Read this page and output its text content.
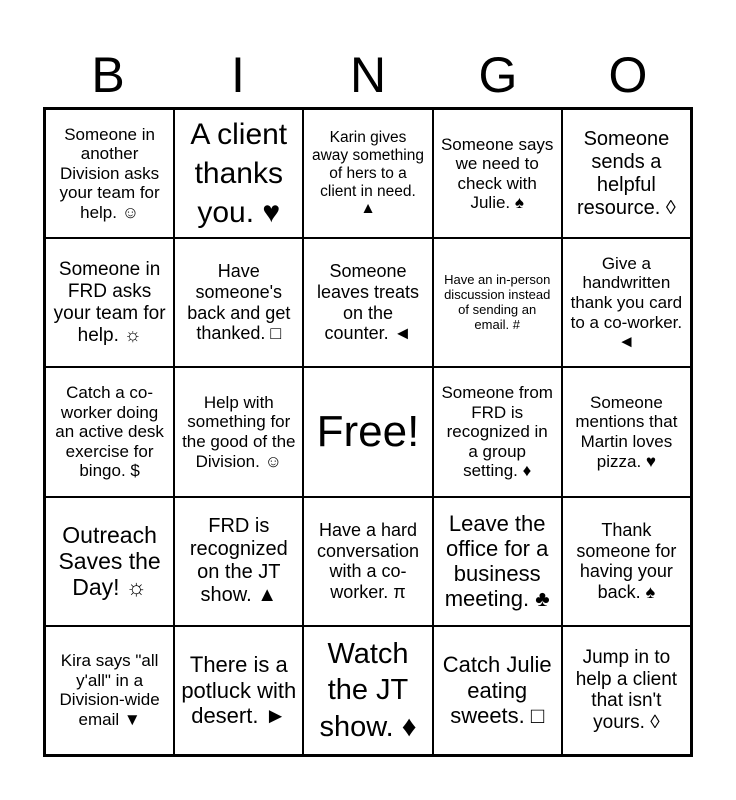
B	I	N	G	O
Someone in another Division asks your team for help. ☺
A client thanks you. ♥
Karin gives away something of hers to a client in need. ▲
Someone says we need to check with Julie. ♠
Someone sends a helpful resource. ◊
Someone in FRD asks your team for help. ☼
Have someone's back and get thanked. □
Someone leaves treats on the counter. ◄
Have an in-person discussion instead of sending an email. #
Give a handwritten thank you card to a co-worker. ◄
Catch a co-worker doing an active desk exercise for bingo. $
Help with something for the good of the Division. ☺
Free!
Someone from FRD is recognized in a group setting. ♦
Someone mentions that Martin loves pizza. ♥
Outreach Saves the Day! ☼
FRD is recognized on the JT show. ▲
Have a hard conversation with a co-worker. π
Leave the office for a business meeting. ♣
Thank someone for having your back. ♠
Kira says "all y'all" in a Division-wide email ▼
There is a potluck with desert. ►
Watch the JT show. ♦
Catch Julie eating sweets. □
Jump in to help a client that isn't yours. ◊
